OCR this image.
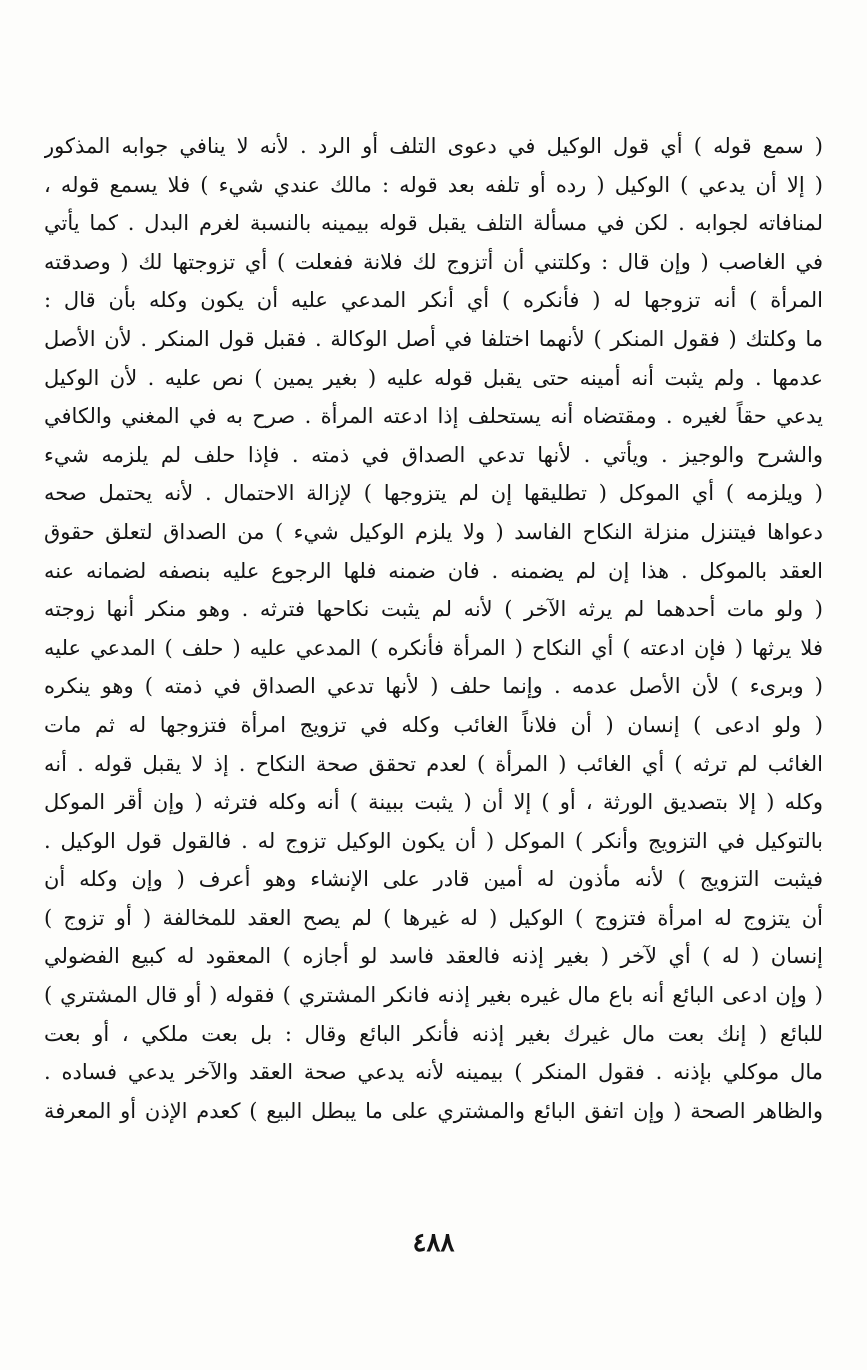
( سمع قوله ) أي قول الوكيل في دعوى التلف أو الرد . لأنه لا ينافي جوابه المذكور
( إلا أن يدعي ) الوكيل ( رده أو تلفه بعد قوله : مالك عندي شيء ) فلا يسمع قوله ،
لمنافاته لجوابه . لكن في مسألة التلف يقبل قوله بيمينه بالنسبة لغرم البدل . كما يأتي
في الغاصب ( وإن قال : وكلتني أن أتزوج لك فلانة ففعلت ) أي تزوجتها لك ( وصدقته
المرأة ) أنه تزوجها له ( فأنكره ) أي أنكر المدعي عليه أن يكون وكله بأن قال :
ما وكلتك ( فقول المنكر ) لأنهما اختلفا في أصل الوكالة . فقبل قول المنكر . لأن الأصل
عدمها . ولم يثبت أنه أمينه حتى يقبل قوله عليه ( بغير يمين ) نص عليه . لأن الوكيل
يدعي حقاً لغيره . ومقتضاه أنه يستحلف إذا ادعته المرأة . صرح به في المغني والكافي
والشرح والوجيز . ويأتي . لأنها تدعي الصداق في ذمته . فإذا حلف لم يلزمه شيء
( ويلزمه ) أي الموكل ( تطليقها إن لم يتزوجها ) لإزالة الاحتمال . لأنه يحتمل صحه
دعواها فيتنزل منزلة النكاح الفاسد ( ولا يلزم الوكيل شيء ) من الصداق لتعلق حقوق
العقد بالموكل . هذا إن لم يضمنه . فان ضمنه فلها الرجوع عليه بنصفه لضمانه عنه
( ولو مات أحدهما لم يرثه الآخر ) لأنه لم يثبت نكاحها فترثه . وهو منكر أنها زوجته
فلا يرثها ( فإن ادعته ) أي النكاح ( المرأة فأنكره ) المدعي عليه ( حلف ) المدعي عليه
( وبرىء ) لأن الأصل عدمه . وإنما حلف ( لأنها تدعي الصداق في ذمته ) وهو ينكره
( ولو ادعى ) إنسان ( أن فلاناً الغائب وكله في تزويج امرأة فتزوجها له ثم مات
الغائب لم ترثه ) أي الغائب ( المرأة ) لعدم تحقق صحة النكاح . إذ لا يقبل قوله . أنه
وكله ( إلا بتصديق الورثة ، أو ) إلا أن ( يثبت ببينة ) أنه وكله فترثه ( وإن أقر الموكل
بالتوكيل في التزويج وأنكر ) الموكل ( أن يكون الوكيل تزوج له . فالقول قول الوكيل .
فيثبت التزويج ) لأنه مأذون له أمين قادر على الإنشاء وهو أعرف ( وإن وكله أن
أن يتزوج له امرأة فتزوج ) الوكيل ( له غيرها ) لم يصح العقد للمخالفة ( أو تزوج )
إنسان ( له ) أي لآخر ( بغير إذنه فالعقد فاسد لو أجازه ) المعقود له كبيع الفضولي
( وإن ادعى البائع أنه باع مال غيره بغير إذنه فانكر المشتري ) فقوله ( أو قال المشتري )
للبائع ( إنك بعت مال غيرك بغير إذنه فأنكر البائع وقال : بل بعت ملكي ، أو بعت
مال موكلي بإذنه . فقول المنكر ) بيمينه لأنه يدعي صحة العقد والآخر يدعي فساده .
والظاهر الصحة ( وإن اتفق البائع والمشتري على ما يبطل البيع ) كعدم الإذن أو المعرفة
٤٨٨
